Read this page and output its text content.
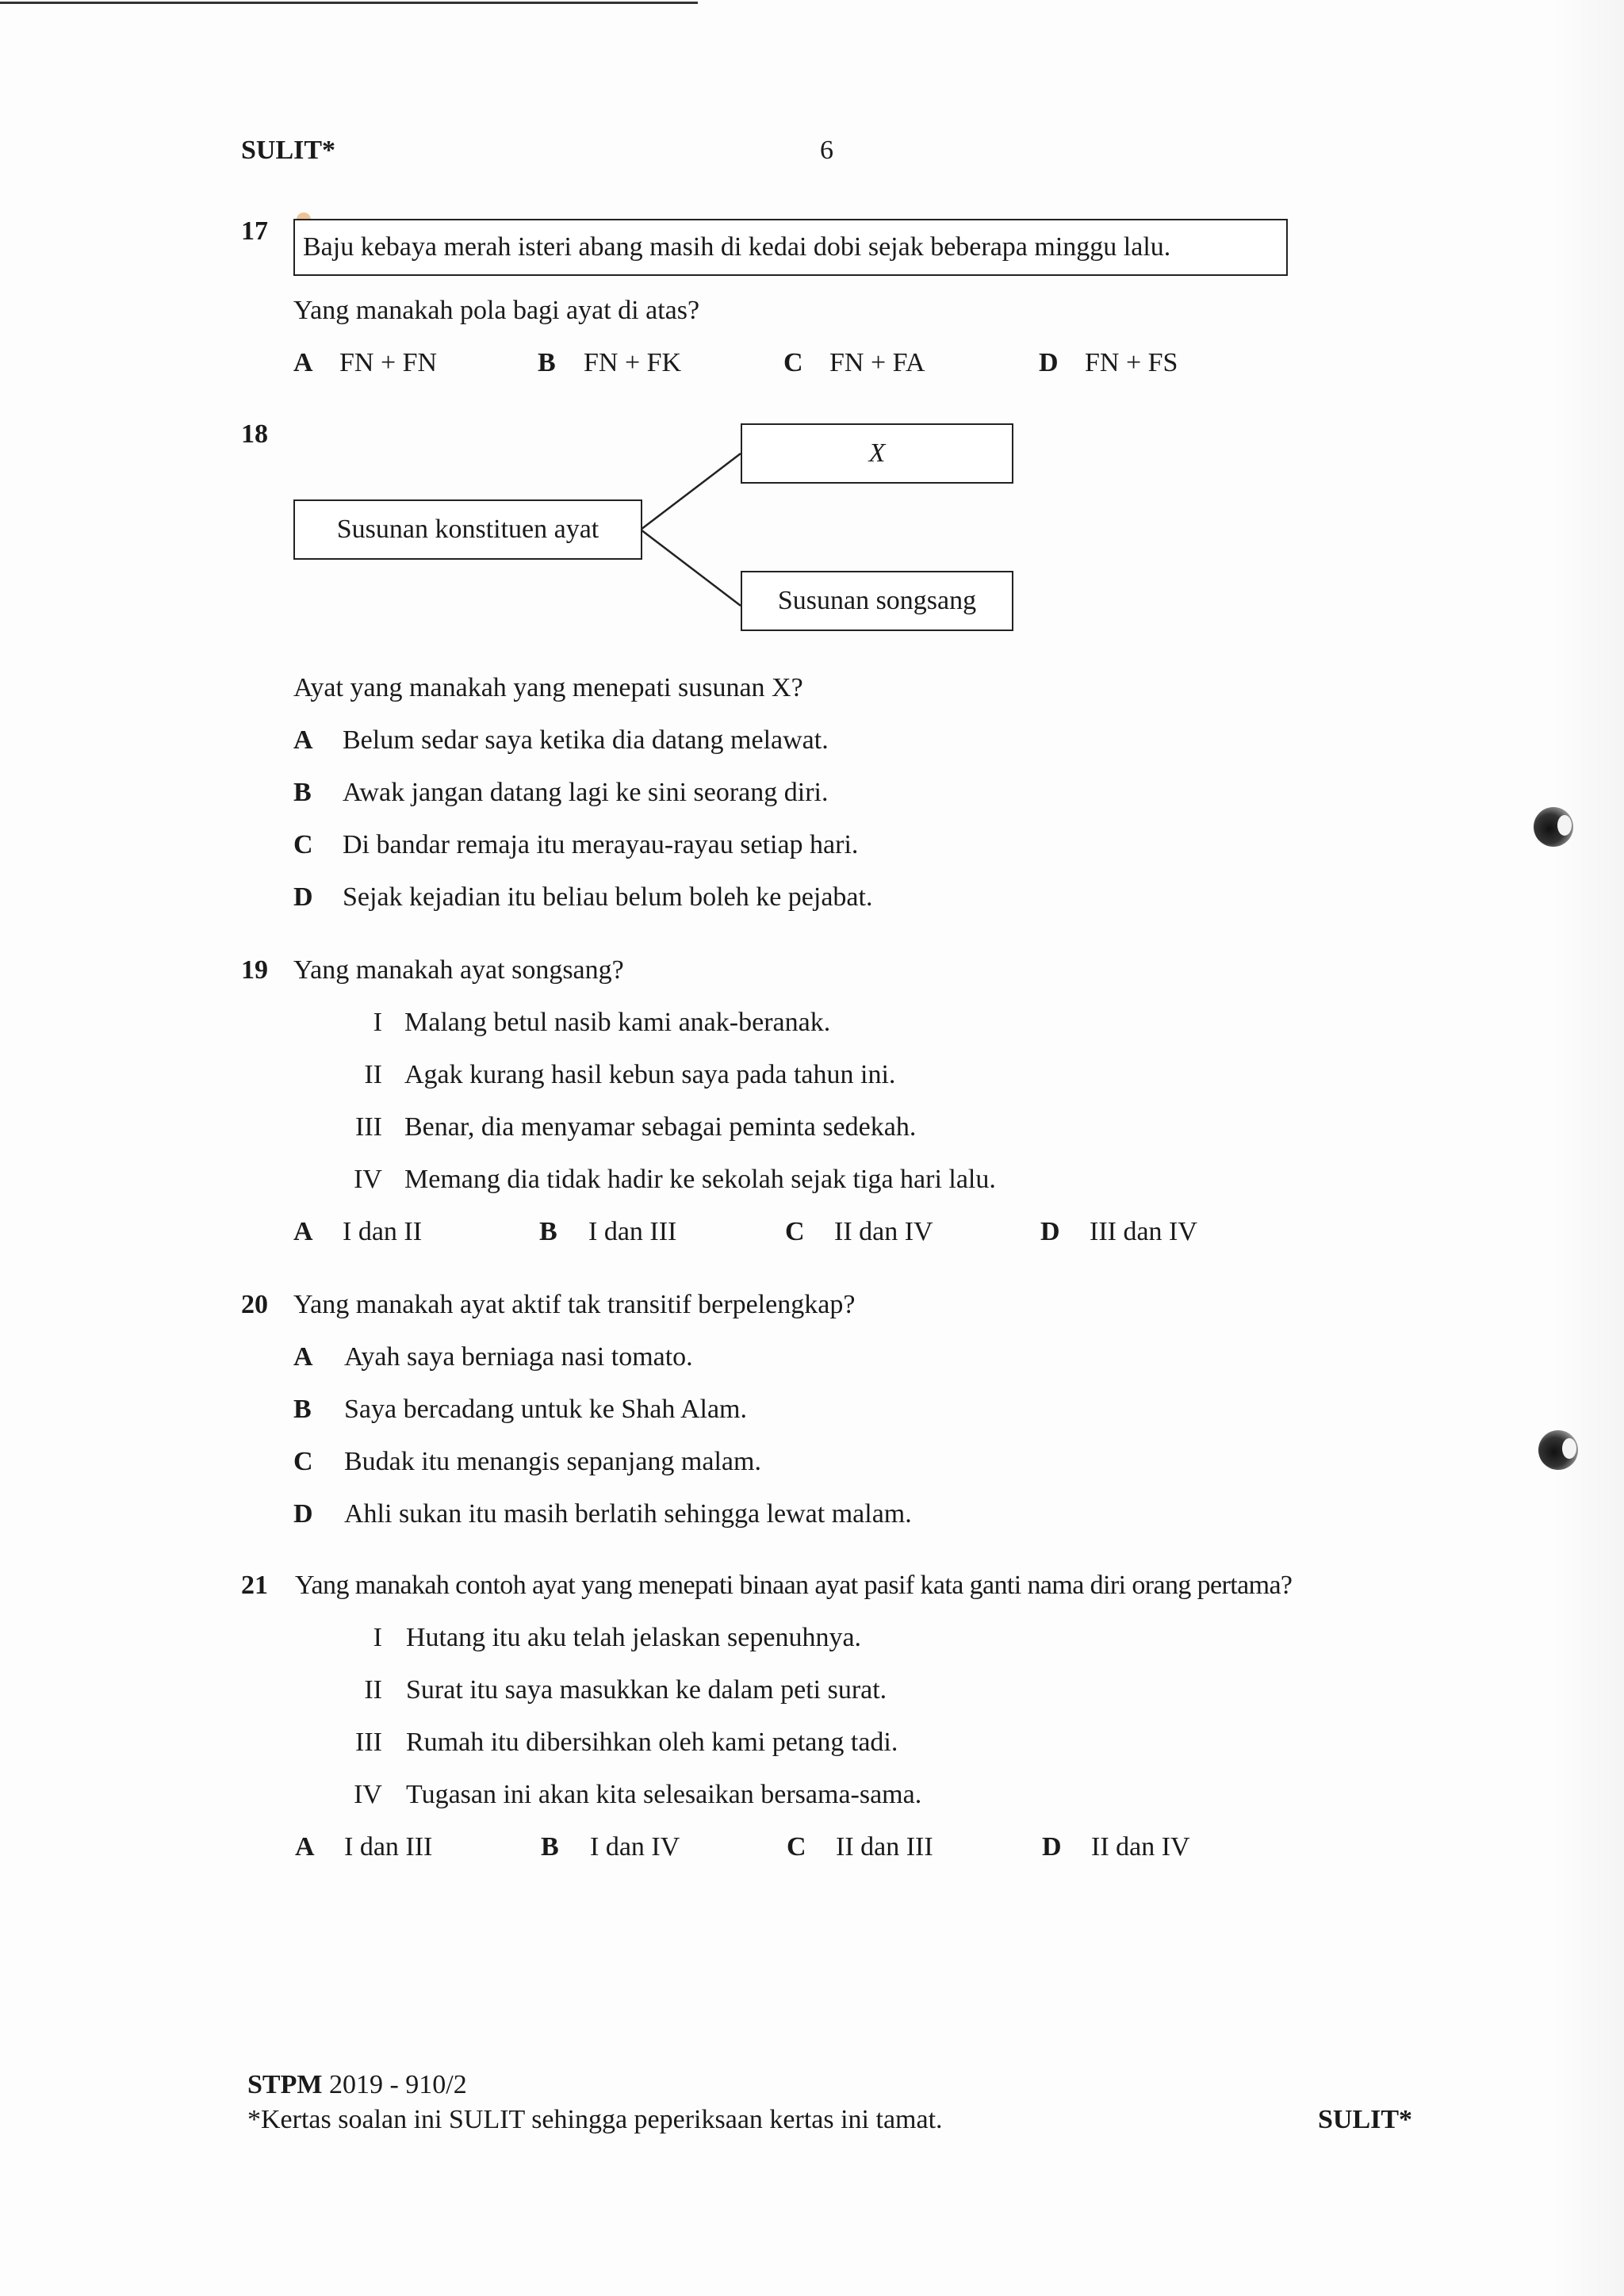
SULIT*	6
17
Baju kebaya merah isteri abang masih di kedai dobi sejak beberapa minggu lalu.
Yang manakah pola bagi ayat di atas?
A FN + FN	B FN + FK	C FN + FA	D FN + FS
18
Susunan konstituen ayat
X
Susunan songsang
Ayat yang manakah yang menepati susunan X?
A Belum sedar saya ketika dia datang melawat.
B Awak jangan datang lagi ke sini seorang diri.
C Di bandar remaja itu merayau-rayau setiap hari.
D Sejak kejadian itu beliau belum boleh ke pejabat.
19 Yang manakah ayat songsang?
I Malang betul nasib kami anak-beranak.
II Agak kurang hasil kebun saya pada tahun ini.
III Benar, dia menyamar sebagai peminta sedekah.
IV Memang dia tidak hadir ke sekolah sejak tiga hari lalu.
A I dan II	B I dan III	C II dan IV	D III dan IV
20 Yang manakah ayat aktif tak transitif berpelengkap?
A Ayah saya berniaga nasi tomato.
B Saya bercadang untuk ke Shah Alam.
C Budak itu menangis sepanjang malam.
D Ahli sukan itu masih berlatih sehingga lewat malam.
21 Yang manakah contoh ayat yang menepati binaan ayat pasif kata ganti nama diri orang pertama?
I Hutang itu aku telah jelaskan sepenuhnya.
II Surat itu saya masukkan ke dalam peti surat.
III Rumah itu dibersihkan oleh kami petang tadi.
IV Tugasan ini akan kita selesaikan bersama-sama.
A I dan III	B I dan IV	C II dan III	D II dan IV
STPM 2019 - 910/2
*Kertas soalan ini SULIT sehingga peperiksaan kertas ini tamat.	SULIT*
